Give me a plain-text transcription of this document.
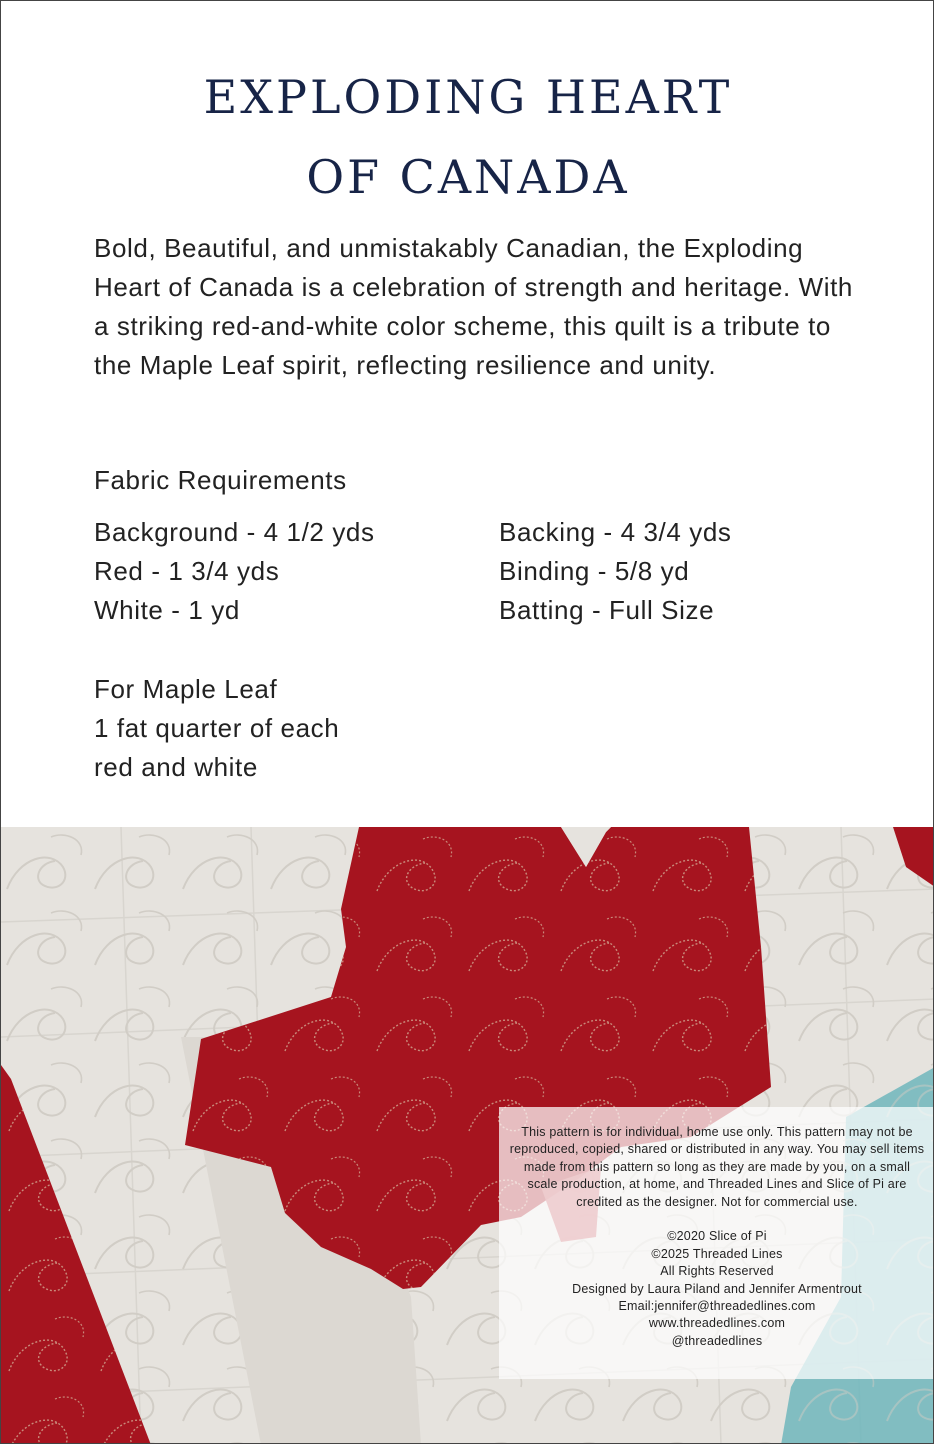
EXPLODING HEART
OF CANADA

Bold, Beautiful, and unmistakably Canadian, the Exploding Heart of Canada is a celebration of strength and heritage. With a striking red-and-white color scheme, this quilt is a tribute to the Maple Leaf spirit, reflecting resilience and unity.

Fabric Requirements
Background - 4 1/2 yds
Red - 1 3/4 yds
White - 1 yd
Backing - 4 3/4 yds
Binding - 5/8 yd
Batting - Full Size
For Maple Leaf
1 fat quarter of each
red and white

This pattern is for individual, home use only. This pattern may not be reproduced, copied, shared or distributed in any way. You may sell items made from this pattern so long as they are made by you, on a small scale production, at home, and Threaded Lines and Slice of Pi are credited as the designer. Not for commercial use.

©2020 Slice of Pi
©2025 Threaded Lines
All Rights Reserved
Designed by Laura Piland and Jennifer Armentrout
Email:jennifer@threadedlines.com
www.threadedlines.com
@threadedlines
